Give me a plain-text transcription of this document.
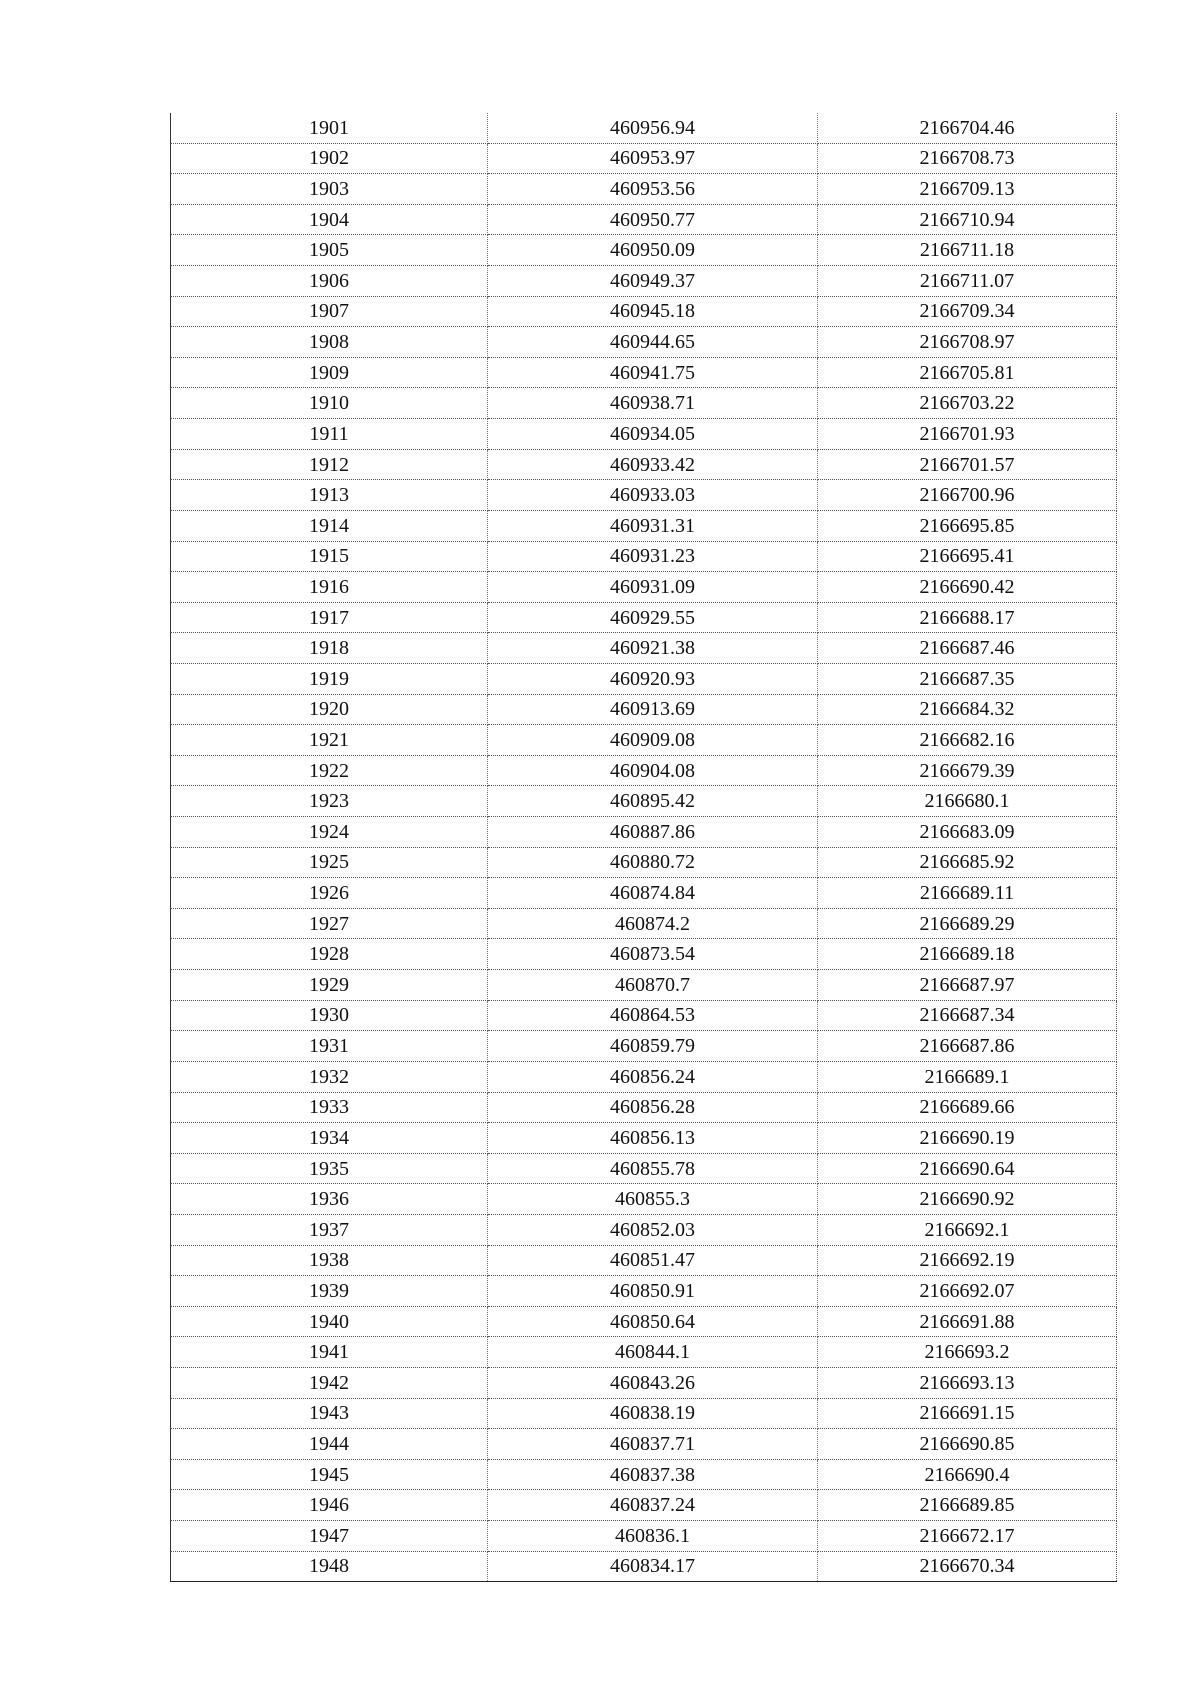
1901	460956.94	2166704.46
1902	460953.97	2166708.73
1903	460953.56	2166709.13
1904	460950.77	2166710.94
1905	460950.09	2166711.18
1906	460949.37	2166711.07
1907	460945.18	2166709.34
1908	460944.65	2166708.97
1909	460941.75	2166705.81
1910	460938.71	2166703.22
1911	460934.05	2166701.93
1912	460933.42	2166701.57
1913	460933.03	2166700.96
1914	460931.31	2166695.85
1915	460931.23	2166695.41
1916	460931.09	2166690.42
1917	460929.55	2166688.17
1918	460921.38	2166687.46
1919	460920.93	2166687.35
1920	460913.69	2166684.32
1921	460909.08	2166682.16
1922	460904.08	2166679.39
1923	460895.42	2166680.1
1924	460887.86	2166683.09
1925	460880.72	2166685.92
1926	460874.84	2166689.11
1927	460874.2	2166689.29
1928	460873.54	2166689.18
1929	460870.7	2166687.97
1930	460864.53	2166687.34
1931	460859.79	2166687.86
1932	460856.24	2166689.1
1933	460856.28	2166689.66
1934	460856.13	2166690.19
1935	460855.78	2166690.64
1936	460855.3	2166690.92
1937	460852.03	2166692.1
1938	460851.47	2166692.19
1939	460850.91	2166692.07
1940	460850.64	2166691.88
1941	460844.1	2166693.2
1942	460843.26	2166693.13
1943	460838.19	2166691.15
1944	460837.71	2166690.85
1945	460837.38	2166690.4
1946	460837.24	2166689.85
1947	460836.1	2166672.17
1948	460834.17	2166670.34
